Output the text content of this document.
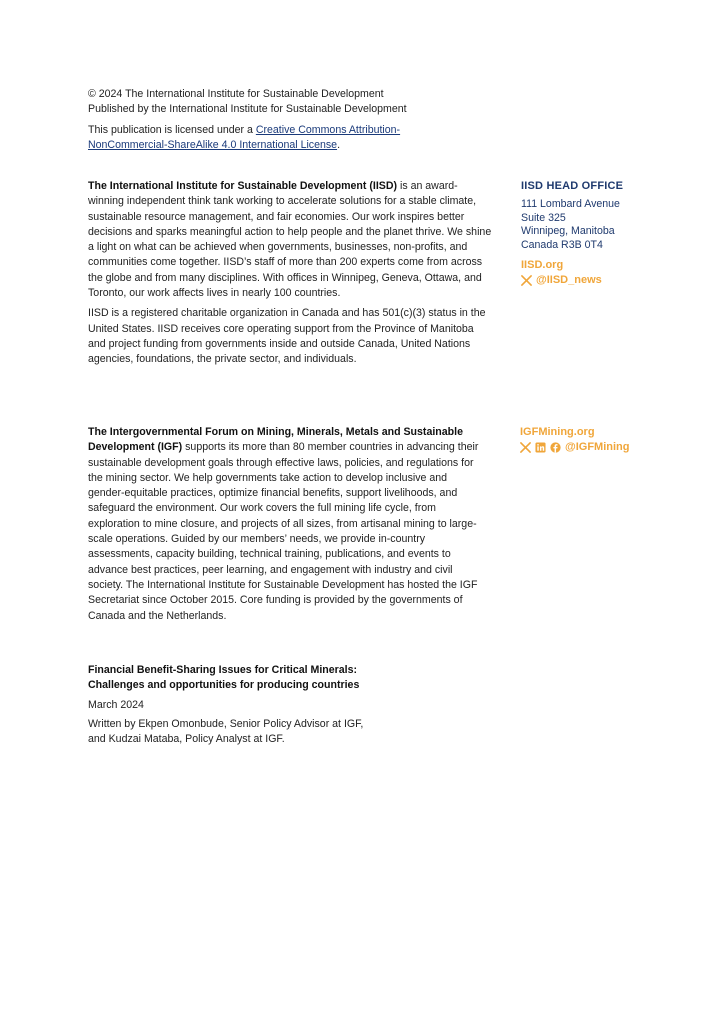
© 2024 The International Institute for Sustainable Development

Published by the International Institute for Sustainable Development

This publication is licensed under a Creative Commons Attribution-
NonCommercial-ShareAlike 4.0 International License.

The International Institute for Sustainable Development (IISD) is an award-winning independent think tank working to accelerate solutions for a stable climate, sustainable resource management, and fair economies. Our work inspires better decisions and sparks meaningful action to help people and the planet thrive. We shine a light on what can be achieved when governments, businesses, non-profits, and communities come together. IISD’s staff of more than 200 experts come from across the globe and from many disciplines. With offices in Winnipeg, Geneva, Ottawa, and Toronto, our work affects lives in nearly 100 countries.

IISD is a registered charitable organization in Canada and has 501(c)(3) status in the United States. IISD receives core operating support from the Province of Manitoba and project funding from governments inside and outside Canada, United Nations agencies, foundations, the private sector, and individuals.

IISD HEAD OFFICE
111 Lombard Avenue
Suite 325
Winnipeg, Manitoba
Canada R3B 0T4
IISD.org
@IISD_news

The Intergovernmental Forum on Mining, Minerals, Metals and Sustainable Development (IGF) supports its more than 80 member countries in advancing their sustainable development goals through effective laws, policies, and regulations for the mining sector. We help governments take action to develop inclusive and gender-equitable practices, optimize financial benefits, support livelihoods, and safeguard the environment. Our work covers the full mining life cycle, from exploration to mine closure, and projects of all sizes, from artisanal mining to large-scale operations. Guided by our members’ needs, we provide in-country assessments, capacity building, technical training, publications, and events to advance best practices, peer learning, and engagement with industry and civil society. The International Institute for Sustainable Development has hosted the IGF Secretariat since October 2015. Core funding is provided by the governments of Canada and the Netherlands.

IGFMining.org
@IGFMining

Financial Benefit-Sharing Issues for Critical Minerals:

Challenges and opportunities for producing countries

March 2024

Written by Ekpen Omonbude, Senior Policy Advisor at IGF,

and Kudzai Mataba, Policy Analyst at IGF.
